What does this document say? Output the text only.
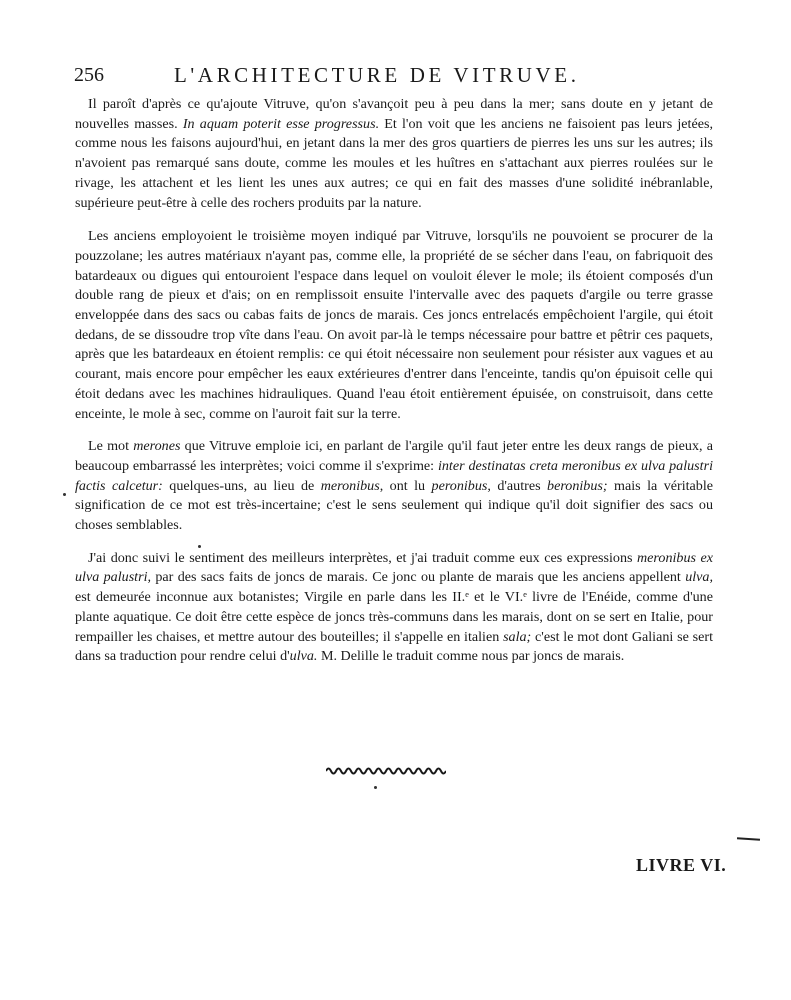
256	L'ARCHITECTURE DE VITRUVE.

Il paroît d'après ce qu'ajoute Vitruve, qu'on s'avançoit peu à peu dans la mer; sans doute en y jetant de nouvelles masses. In aquam poterit esse progressus. Et l'on voit que les anciens ne faisoient pas leurs jetées, comme nous les faisons aujourd'hui, en jetant dans la mer des gros quartiers de pierres les uns sur les autres; ils n'avoient pas remarqué sans doute, comme les moules et les huîtres en s'attachant aux pierres roulées sur le rivage, les attachent et les lient les unes aux autres; ce qui en fait des masses d'une solidité inébranlable, supérieure peut-être à celle des rochers produits par la nature.

Les anciens employoient le troisième moyen indiqué par Vitruve, lorsqu'ils ne pouvoient se procurer de la pouzzolane; les autres matériaux n'ayant pas, comme elle, la propriété de se sécher dans l'eau, on fabriquoit des batardeaux ou digues qui entouroient l'espace dans lequel on vouloit élever le mole; ils étoient composés d'un double rang de pieux et d'ais; on en remplissoit ensuite l'intervalle avec des paquets d'argile ou terre grasse enveloppée dans des sacs ou cabas faits de joncs de marais. Ces joncs entrelacés empêchoient l'argile, qui étoit dedans, de se dissoudre trop vîte dans l'eau. On avoit par-là le temps nécessaire pour battre et pêtrir ces paquets, après que les batardeaux en étoient remplis: ce qui étoit nécessaire non seulement pour résister aux vagues et au courant, mais encore pour empêcher les eaux extérieures d'entrer dans l'enceinte, tandis qu'on épuisoit celle qui étoit dedans avec les machines hidrauliques. Quand l'eau étoit entièrement épuisée, on construisoit, dans cette enceinte, le mole à sec, comme on l'auroit fait sur la terre.

Le mot merones que Vitruve emploie ici, en parlant de l'argile qu'il faut jeter entre les deux rangs de pieux, a beaucoup embarrassé les interprètes; voici comme il s'exprime: inter destinatas creta meronibus ex ulva palustri factis calcetur: quelques-uns, au lieu de meronibus, ont lu peronibus, d'autres beronibus; mais la véritable signification de ce mot est très-incertaine; c'est le sens seulement qui indique qu'il doit signifier des sacs ou choses semblables.

J'ai donc suivi le sentiment des meilleurs interprètes, et j'ai traduit comme eux ces expressions meronibus ex ulva palustri, par des sacs faits de joncs de marais. Ce jonc ou plante de marais que les anciens appellent ulva, est demeurée inconnue aux botanistes; Virgile en parle dans les II.ᵉ et le VI.ᵉ livre de l'Enéide, comme d'une plante aquatique. Ce doit être cette espèce de joncs très-communs dans les marais, dont on se sert en Italie, pour rempailler les chaises, et mettre autour des bouteilles; il s'appelle en italien sala; c'est le mot dont Galiani se sert dans sa traduction pour rendre celui d'ulva. M. Delille le traduit comme nous par joncs de marais.

LIVRE VI.
